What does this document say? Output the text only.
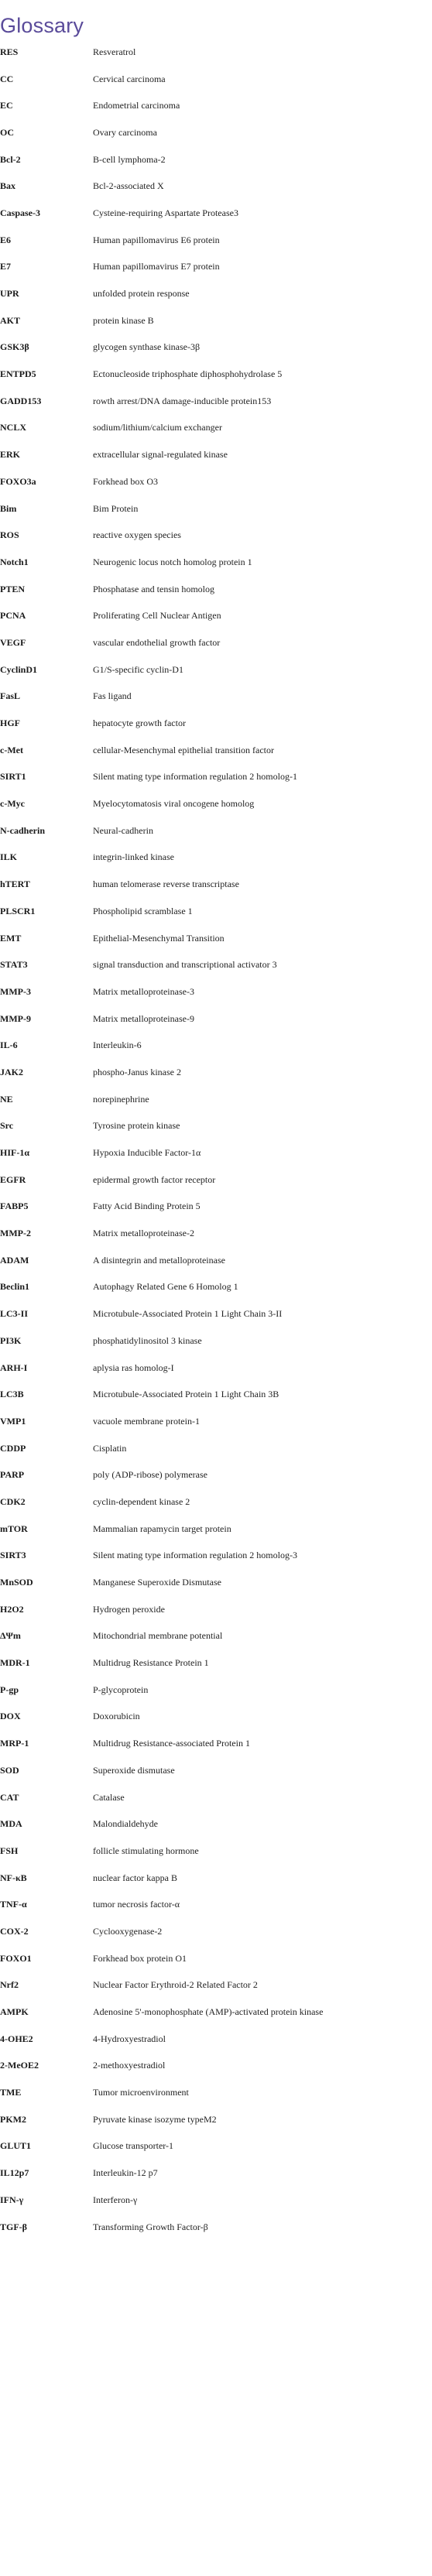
Glossary
RES	Resveratrol
CC	Cervical carcinoma
EC	Endometrial carcinoma
OC	Ovary carcinoma
Bcl-2	B-cell lymphoma-2
Bax	Bcl-2-associated X
Caspase-3	Cysteine-requiring Aspartate Protease3
E6	Human papillomavirus E6 protein
E7	Human papillomavirus E7 protein
UPR	unfolded protein response
AKT	protein kinase B
GSK3β	glycogen synthase kinase-3β
ENTPD5	Ectonucleoside triphosphate diphosphohydrolase 5
GADD153	rowth arrest/DNA damage-inducible protein153
NCLX	sodium/lithium/calcium exchanger
ERK	extracellular signal-regulated kinase
FOXO3a	Forkhead box O3
Bim	Bim Protein
ROS	reactive oxygen species
Notch1	Neurogenic locus notch homolog protein 1
PTEN	Phosphatase and tensin homolog
PCNA	Proliferating Cell Nuclear Antigen
VEGF	vascular endothelial growth factor
CyclinD1	G1/S-specific cyclin-D1
FasL	Fas ligand
HGF	hepatocyte growth factor
c-Met	cellular-Mesenchymal epithelial transition factor
SIRT1	Silent mating type information regulation 2 homolog-1
c-Myc	Myelocytomatosis viral oncogene homolog
N-cadherin	Neural-cadherin
ILK	integrin-linked kinase
hTERT	human telomerase reverse transcriptase
PLSCR1	Phospholipid scramblase 1
EMT	Epithelial-Mesenchymal Transition
STAT3	signal transduction and transcriptional activator 3
MMP-3	Matrix metalloproteinase-3
MMP-9	Matrix metalloproteinase-9
IL-6	Interleukin-6
JAK2	phospho-Janus kinase 2
NE	norepinephrine
Src	Tyrosine protein kinase
HIF-1α	Hypoxia Inducible Factor-1α
EGFR	epidermal growth factor receptor
FABP5	Fatty Acid Binding Protein 5
MMP-2	Matrix metalloproteinase-2
ADAM	A disintegrin and metalloproteinase
Beclin1	Autophagy Related Gene 6 Homolog 1
LC3-II	Microtubule-Associated Protein 1 Light Chain 3-II
PI3K	phosphatidylinositol 3 kinase
ARH-I	aplysia ras homolog-I
LC3B	Microtubule-Associated Protein 1 Light Chain 3B
VMP1	vacuole membrane protein-1
CDDP	Cisplatin
PARP	poly (ADP-ribose) polymerase
CDK2	cyclin-dependent kinase 2
mTOR	Mammalian rapamycin target protein
SIRT3	Silent mating type information regulation 2 homolog-3
MnSOD	Manganese Superoxide Dismutase
H2O2	Hydrogen peroxide
ΔΨm	Mitochondrial membrane potential
MDR-1	Multidrug Resistance Protein 1
P-gp	P-glycoprotein
DOX	Doxorubicin
MRP-1	Multidrug Resistance-associated Protein 1
SOD	Superoxide dismutase
CAT	Catalase
MDA	Malondialdehyde
FSH	follicle stimulating hormone
NF-κB	nuclear factor kappa B
TNF-α	tumor necrosis factor-α
COX-2	Cyclooxygenase-2
FOXO1	Forkhead box protein O1
Nrf2	Nuclear Factor Erythroid-2 Related Factor 2
AMPK	Adenosine 5'-monophosphate (AMP)-activated protein kinase
4-OHE2	4-Hydroxyestradiol
2-MeOE2	2-methoxyestradiol
TME	Tumor microenvironment
PKM2	Pyruvate kinase isozyme typeM2
GLUT1	Glucose transporter-1
IL12p7	Interleukin-12 p7
IFN-γ	Interferon-γ
TGF-β	Transforming Growth Factor-β
